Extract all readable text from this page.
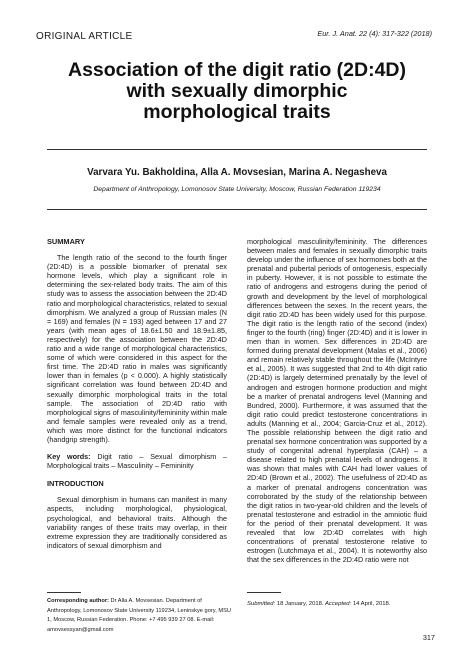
ORIGINAL ARTICLE	Eur. J. Anat. 22 (4): 317-322 (2018)
Association of the digit ratio (2D:4D)
with sexually dimorphic
morphological traits
Varvara Yu. Bakholdina, Alla A. Movsesian, Marina A. Negasheva
Department of Anthropology, Lomonosov State University, Moscow, Russian Federation 119234
SUMMARY

The length ratio of the second to the fourth finger (2D:4D) is a possible biomarker of prenatal sex hormone levels, which play a significant role in determining the sex-related body traits. The aim of this study was to assess the association between the 2D:4D ratio and morphological characteristics, related to sexual dimorphism. We analyzed a group of Russian males (N = 169) and females (N = 193) aged between 17 and 27 years (with mean ages of 18.6±1.50 and 18.9±1.85, respectively) for the association between the 2D:4D ratio and a wide range of morphological characteristics, some of which were considered in this aspect for the first time. The 2D:4D ratio in males was significantly lower than in females (p < 0.000). A highly statistically significant correlation was found between 2D:4D and sexually dimorphic morphological traits in the total sample. The association of 2D:4D ratio with morphological signs of masculinity/femininity within male and female samples were revealed only as a trend, which was more distinct for the functional indicators (handgrip strength).

Key words: Digit ratio – Sexual dimorphism – Morphological traits – Masculinity – Femininity

INTRODUCTION

Sexual dimorphism in humans can manifest in many aspects, including morphological, physiological, psychological, and behavioral traits. Although the variability ranges of these traits may overlap, in their extreme expression they are traditionally considered as indicators of sexual dimorphism and

morphological masculinity/femininity. The differences between males and females in sexually dimorphic traits develop under the influence of sex hormones both at the prenatal and pubertal periods of ontogenesis, especially in puberty. However, it is not possible to estimate the ratio of androgens and estrogens during the period of growth and development by the level of morphological differences between the sexes. In the recent years, the digit ratio 2D:4D has been widely used for this purpose. The digit ratio is the length ratio of the second (index) finger to the fourth (ring) finger (2D:4D) and it is lower in men than in women. Sex differences in 2D:4D are formed during prenatal development (Malas et al., 2006) and remain relatively stable throughout the life (McIntyre et al., 2005). It was suggested that 2nd to 4th digit ratio (2D:4D) is largely determined prenatally by the level of androgen and estrogen hormone production and might be a marker of prenatal androgens level (Manning and Bundred, 2000). Furthermore, it was assumed that the digit ratio could predict testosterone concentrations in adults (Manning et al., 2004; Garcia-Cruz et al., 2012). The possible relationship between the digit ratio and prenatal sex hormone concentration was supported by a study of congenital adrenal hyperplasia (CAH) – a disease related to high prenatal levels of androgens. It was shown that males with CAH had lower values of 2D:4D (Brown et al., 2002). The usefulness of 2D:4D as a marker of prenatal androgens concentration was corroborated by the study of the relationship between the digit ratios in two-year-old children and the levels of prenatal testosterone and estradiol in the amniotic fluid for the period of their prenatal development. It was revealed that low 2D:4D correlates with high concentrations of prenatal testosterone relative to estrogen (Lutchmaya et al., 2004). It is noteworthy also that the sex differences in the 2D:4D ratio were not

Corresponding author: Dr Alla A. Movsesian. Department of Anthropology, Lomonosov State University 119234, Leninskye gory, MSU 1, Moscow, Russian Federation. Phone: +7 495 939 27 08. E-mail: amovsessyan@gmail.com
Submitted: 18 January, 2018. Accepted: 14 April, 2018.
317
